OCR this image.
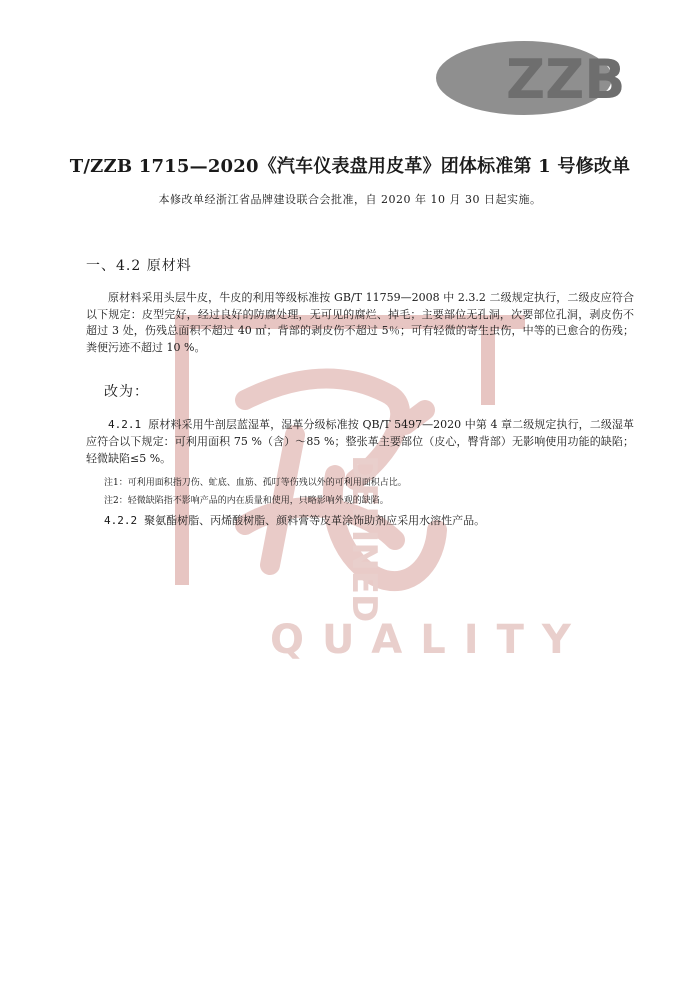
DEFINED
QUALITY
ZZB
T/ZZB 1715—2020《汽车仪表盘用皮革》团体标准第 1 号修改单
本修改单经浙江省品牌建设联合会批准，自 2020 年 10 月 30 日起实施。
一、4.2 原材料
原材料采用头层牛皮，牛皮的利用等级标准按 GB/T 11759—2008 中 2.3.2 二级规定执行，二级皮应符合以下规定：皮型完好，经过良好的防腐处理，无可见的腐烂、掉毛；主要部位无孔洞，次要部位孔洞，剥皮伤不超过 3 处，伤残总面积不超过 40 ㎡；背部的剥皮伤不超过 5％；可有轻微的寄生虫伤，中等的已愈合的伤残；粪便污迹不超过 10 %。
改为：
4.2.1 原材料采用牛剖层蓝湿革，湿革分级标准按 QB/T 5497—2020 中第 4 章二级规定执行，二级湿革应符合以下规定：可利用面积 75 %（含）～85 %；整张革主要部位（皮心，臀背部）无影响使用功能的缺陷；轻微缺陷≤5 %。
注1：可利用面积指刀伤、虻底、血筋、孤叮等伤残以外的可利用面积占比。
注2：轻微缺陷指不影响产品的内在质量和使用，只略影响外观的缺陷。
4.2.2 聚氨酯树脂、丙烯酸树脂、颜料膏等皮革涂饰助剂应采用水溶性产品。
